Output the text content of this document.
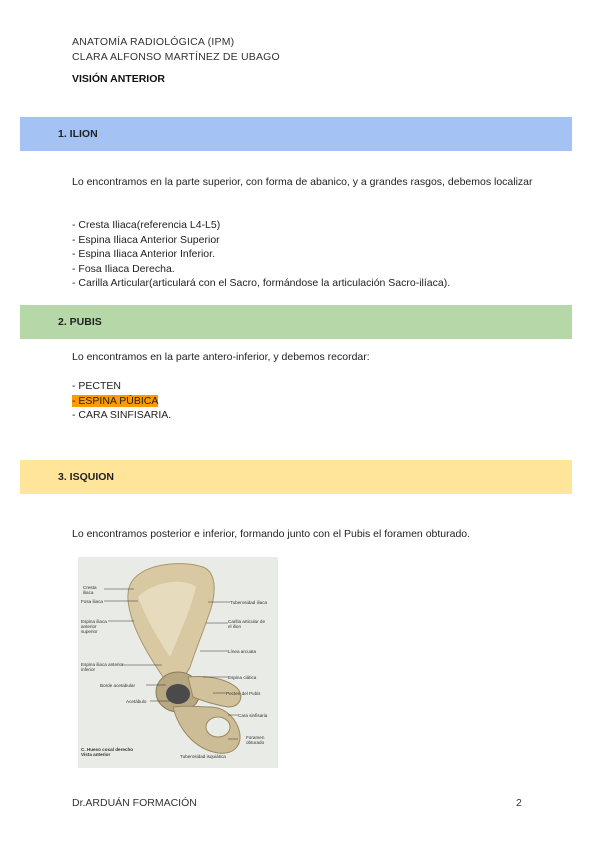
ANATOMÍA RADIOLÓGICA (IPM)
CLARA ALFONSO MARTÍNEZ DE UBAGO
VISIÓN ANTERIOR
1. ILION
Lo encontramos en la parte superior, con forma de abanico, y a grandes rasgos, debemos localizar
- Cresta Iliaca(referencia L4-L5)
- Espina Iliaca Anterior Superior
- Espina Iliaca Anterior Inferior.
- Fosa Iliaca Derecha.
- Carilla Articular(articulará con el Sacro, formándose la articulación Sacro-ilíaca).
2. PUBIS
Lo encontramos en la parte antero-inferior, y debemos recordar:
- PECTEN
- ESPINA PÚBICA
- CARA SINFISARIA.
3. ISQUION
Lo encontramos posterior e inferior, formando junto con el Pubis el foramen obturado.
Cresta
iliaca
Fosa iliaca
Espina iliaca
anterior
superior
Espina iliaca anterior
inferior
Borde acetabular
Acetábulo
Tuberosidad iliaca
Carilla articular de
el ilion
Línea arcuata
Espina ciática
Pecten del Pubis
Cara sinfisaria
Foramen
obturado
Tuberosidad isquiática
C. Hueso coxal derecho
Vista anterior
Dr.ARDUÁN FORMACIÓN	2
